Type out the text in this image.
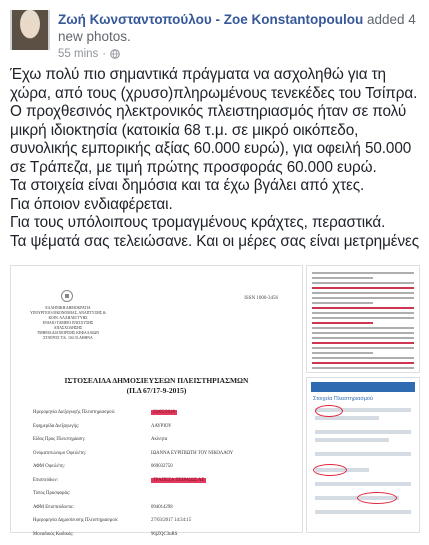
Ζωή Κωνσταντοπούλου - Zoe Konstantopoulou added 4 new photos.
55 mins ·

Έχω πολύ πιο σημαντικά πράγματα να ασχοληθώ για τη χώρα, από τους (χρυσο)πληρωμένους τενεκέδες του Τσίπρα.

Ο προχθεσινός ηλεκτρονικός πλειστηριασμός ήταν σε πολύ μικρή ιδιοκτησία (κατοικία 68 τ.μ. σε μικρό οικόπεδο, συνολικής εμπορικής αξίας 60.000 ευρώ), για οφειλή 50.000 σε Τράπεζα, με τιμή πρώτης προσφοράς 60.000 ευρώ.

Τα στοιχεία είναι δημόσια και τα έχω βγάλει από χτες.

Για όποιον ενδιαφέρεται.

Για τους υπόλοιπους τρομαγμένους κράχτες, περαστικά.

Τα ψέματά σας τελειώσανε. Και οι μέρες σας είναι μετρημένες

ISSN 1000-3456
ΕΛΛΗΝΙΚΗ ΔΗΜΟΚΡΑΤΙΑ
ΥΠΟΥΡΓΕΙΟ ΟΙΚΟΝΟΜΙΑΣ, ΑΝΑΠΤΥΞΗΣ &
ΚΟΙΝ. ΑΛΛΗΛΕΓΓΥΗΣ
ΕΝΙΑΙΟ ΤΑΜΕΙΟ ΕΝΙΣΧΥΣΗΣ ΑΠΑΣΧΟΛΗΣΗΣ
ΤΜΗΜΑ ΔΙΑΧΕΙΡΙΣΗΣ ΚΕΦΑΛΑΙΩΝ
ΣΤΑΥΡΟΣ Τ.Κ. 104 33 ΑΘΗΝΑ
ΙΣΤΟΣΕΛΙΔΑ ΔΗΜΟΣΙΕΥΣΕΩΝ ΠΛΕΙΣΤΗΡΙΑΣΜΩΝ
(Π.Δ 67/17-9-2015)
Ημερομηνία Διεξαγωγής Πλειστηριασμού:	23/05/2018
Εφημερίδα Διεξαγωγής:	ΛΑΥΡΙΟΥ
Είδος Προς Πλειστηρίαση:	Ακίνητα
Ονοματεπώνυμο Οφειλέτη:	ΙΩΑΝΝΑ ΕΥΡΙΠΙΩΤΗ ΤΟΥ ΝΙΚΟΛΑΟΥ
ΑΦΜ Οφειλέτη:	069032750
Επισπεύδων:	ΤΡΑΠΕΖΑ ΠΕΙΡΑΙΩΣ ΑΕ
Τύπος Προσφοράς:
ΑΦΜ Επισπεύδοντα:	094014298
Ημερομηνία Δημοσίευσης Πλειστηριασμού:	27/03/2017 14:34:15
Μοναδικός Κωδικός:	96jZQC3uRS
Στοιχεία Πλειστηριασμού
